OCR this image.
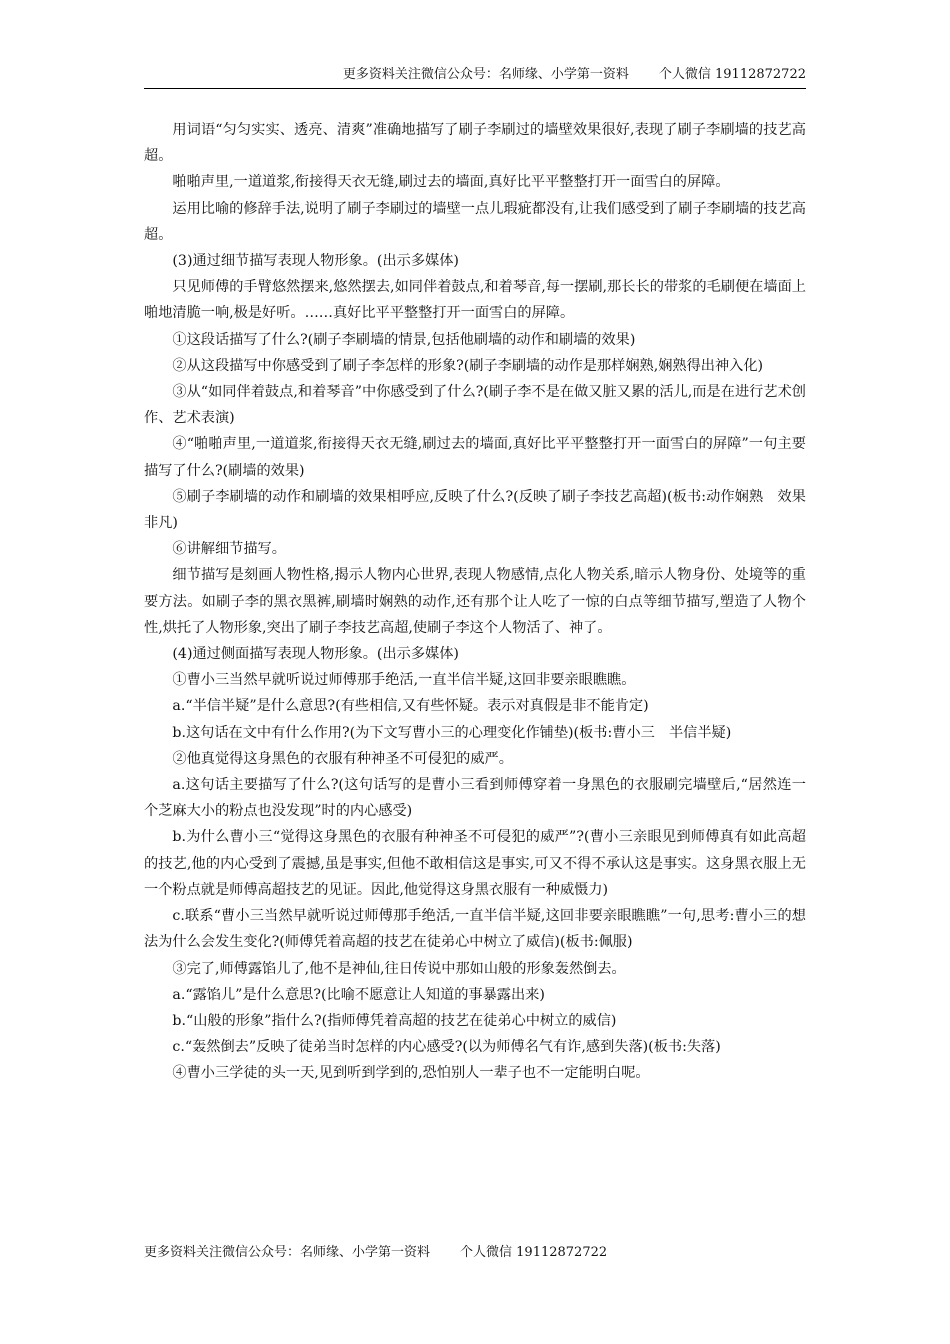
更多资料关注微信公众号：名师缘、小学第一资料 个人微信 19112872722

用词语“匀匀实实、透亮、清爽”准确地描写了刷子李刷过的墙壁效果很好,表现了刷子李刷墙的技艺高超。

啪啪声里,一道道浆,衔接得天衣无缝,刷过去的墙面,真好比平平整整打开一面雪白的屏障。

运用比喻的修辞手法,说明了刷子李刷过的墙壁一点儿瑕疵都没有,让我们感受到了刷子李刷墙的技艺高超。

(3)通过细节描写表现人物形象。(出示多媒体)

只见师傅的手臂悠然摆来,悠然摆去,如同伴着鼓点,和着琴音,每一摆刷,那长长的带浆的毛刷便在墙面上啪地清脆一响,极是好听。……真好比平平整整打开一面雪白的屏障。

①这段话描写了什么?(刷子李刷墙的情景,包括他刷墙的动作和刷墙的效果)

②从这段描写中你感受到了刷子李怎样的形象?(刷子李刷墙的动作是那样娴熟,娴熟得出神入化)

③从“如同伴着鼓点,和着琴音”中你感受到了什么?(刷子李不是在做又脏又累的活儿,而是在进行艺术创作、艺术表演)

④“啪啪声里,一道道浆,衔接得天衣无缝,刷过去的墙面,真好比平平整整打开一面雪白的屏障”一句主要描写了什么?(刷墙的效果)

⑤刷子李刷墙的动作和刷墙的效果相呼应,反映了什么?(反映了刷子李技艺高超)(板书:动作娴熟　效果非凡)

⑥讲解细节描写。

细节描写是刻画人物性格,揭示人物内心世界,表现人物感情,点化人物关系,暗示人物身份、处境等的重要方法。如刷子李的黑衣黑裤,刷墙时娴熟的动作,还有那个让人吃了一惊的白点等细节描写,塑造了人物个性,烘托了人物形象,突出了刷子李技艺高超,使刷子李这个人物活了、神了。

(4)通过侧面描写表现人物形象。(出示多媒体)

①曹小三当然早就听说过师傅那手绝活,一直半信半疑,这回非要亲眼瞧瞧。

a.“半信半疑”是什么意思?(有些相信,又有些怀疑。表示对真假是非不能肯定)

b.这句话在文中有什么作用?(为下文写曹小三的心理变化作铺垫)(板书:曹小三　半信半疑)

②他真觉得这身黑色的衣服有种神圣不可侵犯的威严。

a.这句话主要描写了什么?(这句话写的是曹小三看到师傅穿着一身黑色的衣服刷完墙壁后,“居然连一个芝麻大小的粉点也没发现”时的内心感受)

b.为什么曹小三“觉得这身黑色的衣服有种神圣不可侵犯的威严”?(曹小三亲眼见到师傅真有如此高超的技艺,他的内心受到了震撼,虽是事实,但他不敢相信这是事实,可又不得不承认这是事实。这身黑衣服上无一个粉点就是师傅高超技艺的见证。因此,他觉得这身黑衣服有一种威慑力)

c.联系“曹小三当然早就听说过师傅那手绝活,一直半信半疑,这回非要亲眼瞧瞧”一句,思考:曹小三的想法为什么会发生变化?(师傅凭着高超的技艺在徒弟心中树立了威信)(板书:佩服)

③完了,师傅露馅儿了,他不是神仙,往日传说中那如山般的形象轰然倒去。

a.“露馅儿”是什么意思?(比喻不愿意让人知道的事暴露出来)

b.“山般的形象”指什么?(指师傅凭着高超的技艺在徒弟心中树立的威信)

c.“轰然倒去”反映了徒弟当时怎样的内心感受?(以为师傅名气有诈,感到失落)(板书:失落)

④曹小三学徒的头一天,见到听到学到的,恐怕别人一辈子也不一定能明白呢。

更多资料关注微信公众号：名师缘、小学第一资料 个人微信 19112872722
